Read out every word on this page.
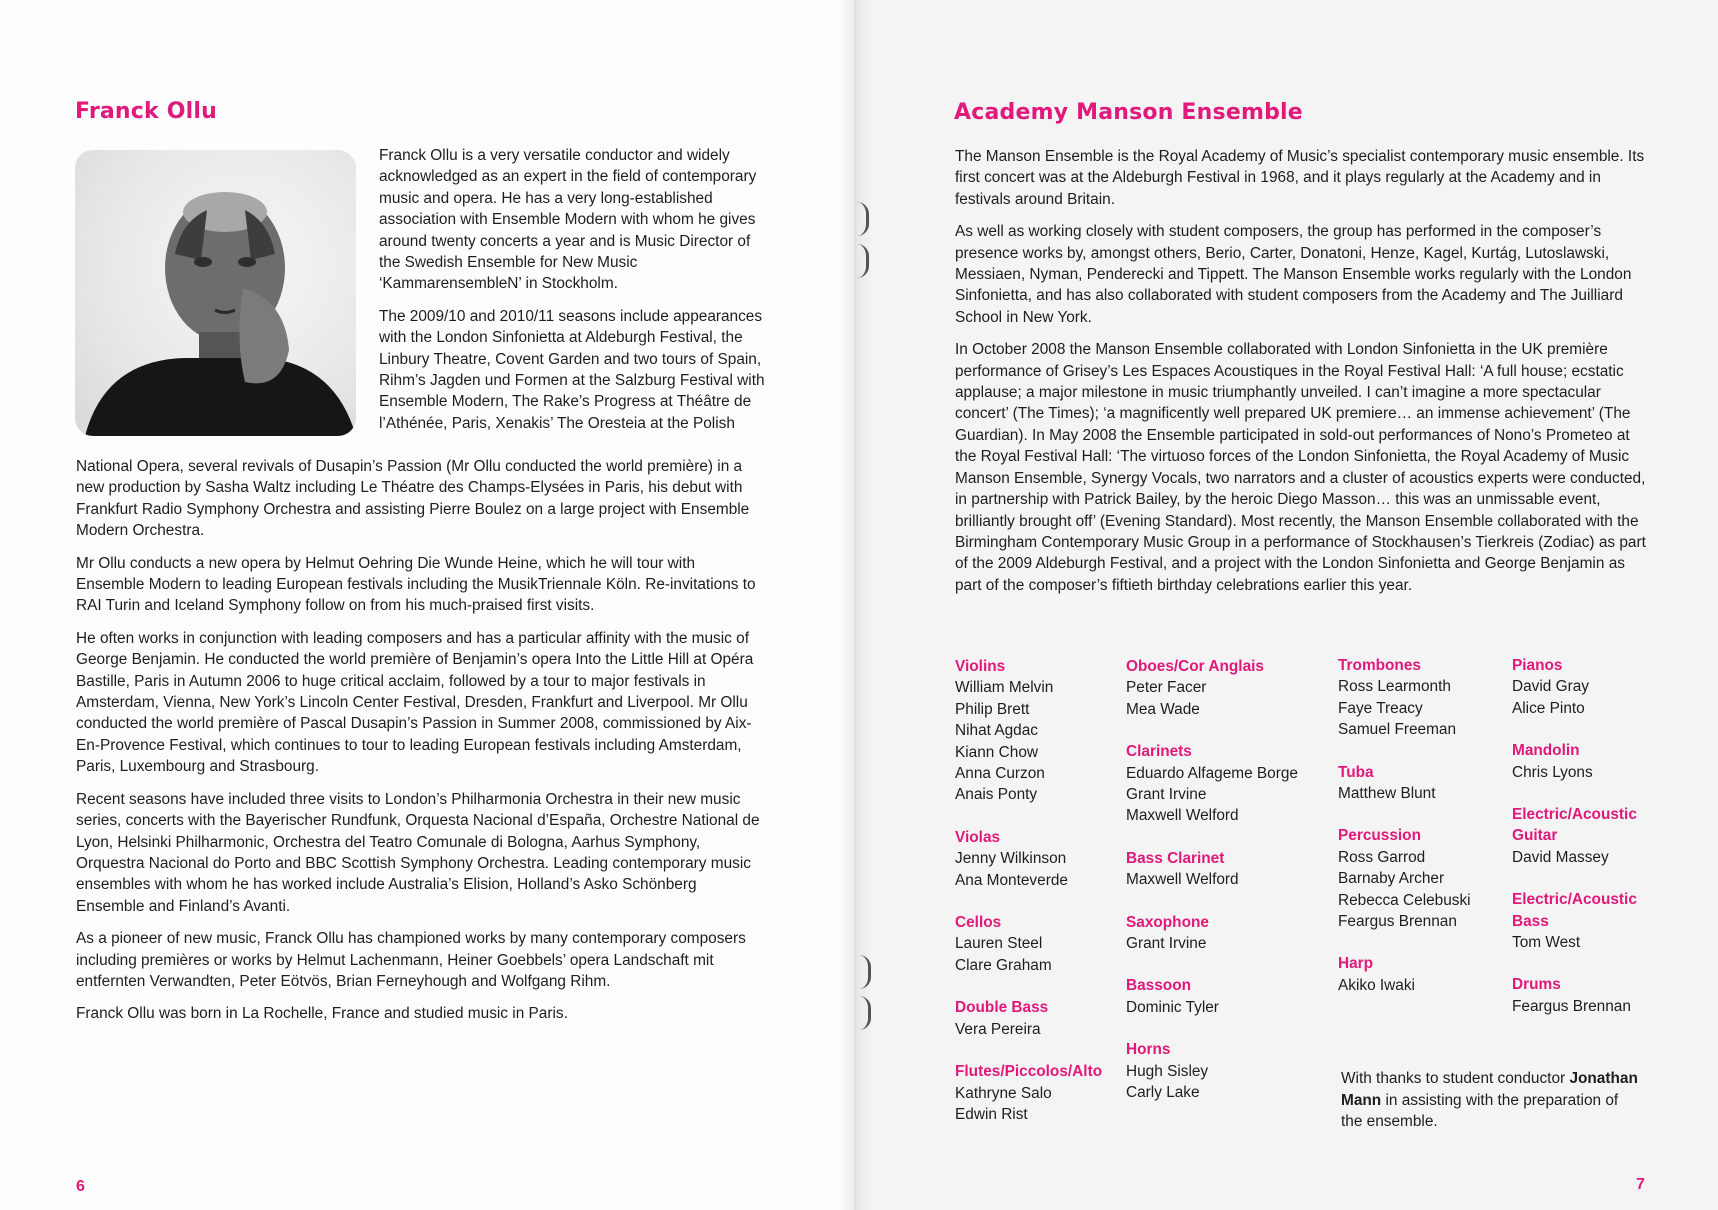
Franck Ollu

Franck Ollu is a very versatile conductor and widely acknowledged as an expert in the field of contemporary music and opera. He has a very long-established association with Ensemble Modern with whom he gives around twenty concerts a year and is Music Director of the Swedish Ensemble for New Music ‘KammarensembleN’ in Stockholm.

The 2009/10 and 2010/11 seasons include appearances with the London Sinfonietta at Aldeburgh Festival, the Linbury Theatre, Covent Garden and two tours of Spain, Rihm’s Jagden und Formen at the Salzburg Festival with Ensemble Modern, The Rake’s Progress at Théâtre de l’Athénée, Paris, Xenakis’ The Oresteia at the Polish

National Opera, several revivals of Dusapin’s Passion (Mr Ollu conducted the world première) in a new production by Sasha Waltz including Le Théatre des Champs-Elysées in Paris, his debut with Frankfurt Radio Symphony Orchestra and assisting Pierre Boulez on a large project with Ensemble Modern Orchestra.

Mr Ollu conducts a new opera by Helmut Oehring Die Wunde Heine, which he will tour with Ensemble Modern to leading European festivals including the MusikTriennale Köln. Re-invitations to RAI Turin and Iceland Symphony follow on from his much-praised first visits.

He often works in conjunction with leading composers and has a particular affinity with the music of George Benjamin. He conducted the world première of Benjamin’s opera Into the Little Hill at Opéra Bastille, Paris in Autumn 2006 to huge critical acclaim, followed by a tour to major festivals in Amsterdam, Vienna, New York’s Lincoln Center Festival, Dresden, Frankfurt and Liverpool. Mr Ollu conducted the world première of Pascal Dusapin’s Passion in Summer 2008, commissioned by Aix-En-Provence Festival, which continues to tour to leading European festivals including Amsterdam, Paris, Luxembourg and Strasbourg.

Recent seasons have included three visits to London’s Philharmonia Orchestra in their new music series, concerts with the Bayerischer Rundfunk, Orquesta Nacional d’España, Orchestre National de Lyon, Helsinki Philharmonic, Orchestra del Teatro Comunale di Bologna, Aarhus Symphony, Orquestra Nacional do Porto and BBC Scottish Symphony Orchestra. Leading contemporary music ensembles with whom he has worked include Australia’s Elision, Holland’s Asko Schönberg Ensemble and Finland’s Avanti.

As a pioneer of new music, Franck Ollu has championed works by many contemporary composers including premières or works by Helmut Lachenmann, Heiner Goebbels’ opera Landschaft mit entfernten Verwandten, Peter Eötvös, Brian Ferneyhough and Wolfgang Rihm.

Franck Ollu was born in La Rochelle, France and studied music in Paris.

6
Academy Manson Ensemble

The Manson Ensemble is the Royal Academy of Music’s specialist contemporary music ensemble. Its first concert was at the Aldeburgh Festival in 1968, and it plays regularly at the Academy and in festivals around Britain.

As well as working closely with student composers, the group has performed in the composer’s presence works by, amongst others, Berio, Carter, Donatoni, Henze, Kagel, Kurtág, Lutoslawski, Messiaen, Nyman, Penderecki and Tippett. The Manson Ensemble works regularly with the London Sinfonietta, and has also collaborated with student composers from the Academy and The Juilliard School in New York.

In October 2008 the Manson Ensemble collaborated with London Sinfonietta in the UK première performance of Grisey’s Les Espaces Acoustiques in the Royal Festival Hall: ‘A full house; ecstatic applause; a major milestone in music triumphantly unveiled. I can’t imagine a more spectacular concert’ (The Times); ‘a magnificently well prepared UK premiere… an immense achievement’ (The Guardian). In May 2008 the Ensemble participated in sold-out performances of Nono’s Prometeo at the Royal Festival Hall: ‘The virtuoso forces of the London Sinfonietta, the Royal Academy of Music Manson Ensemble, Synergy Vocals, two narrators and a cluster of acoustics experts were conducted, in partnership with Patrick Bailey, by the heroic Diego Masson… this was an unmissable event, brilliantly brought off’ (Evening Standard). Most recently, the Manson Ensemble collaborated with the Birmingham Contemporary Music Group in a performance of Stockhausen’s Tierkreis (Zodiac) as part of the 2009 Aldeburgh Festival, and a project with the London Sinfonietta and George Benjamin as part of the composer’s fiftieth birthday celebrations earlier this year.

Violins
William Melvin
Philip Brett
Nihat Agdac
Kiann Chow
Anna Curzon
Anais Ponty
Violas
Jenny Wilkinson
Ana Monteverde
Cellos
Lauren Steel
Clare Graham
Double Bass
Vera Pereira
Flutes/Piccolos/Alto
Kathryne Salo
Edwin Rist
Oboes/Cor Anglais
Peter Facer
Mea Wade
Clarinets
Eduardo Alfageme Borge
Grant Irvine
Maxwell Welford
Bass Clarinet
Maxwell Welford
Saxophone
Grant Irvine
Bassoon
Dominic Tyler
Horns
Hugh Sisley
Carly Lake
Trombones
Ross Learmonth
Faye Treacy
Samuel Freeman
Tuba
Matthew Blunt
Percussion
Ross Garrod
Barnaby Archer
Rebecca Celebuski
Feargus Brennan
Harp
Akiko Iwaki
Pianos
David Gray
Alice Pinto
Mandolin
Chris Lyons
Electric/Acoustic Guitar
David Massey
Electric/Acoustic Bass
Tom West
Drums
Feargus Brennan
With thanks to student conductor Jonathan Mann in assisting with the preparation of the ensemble.
7
